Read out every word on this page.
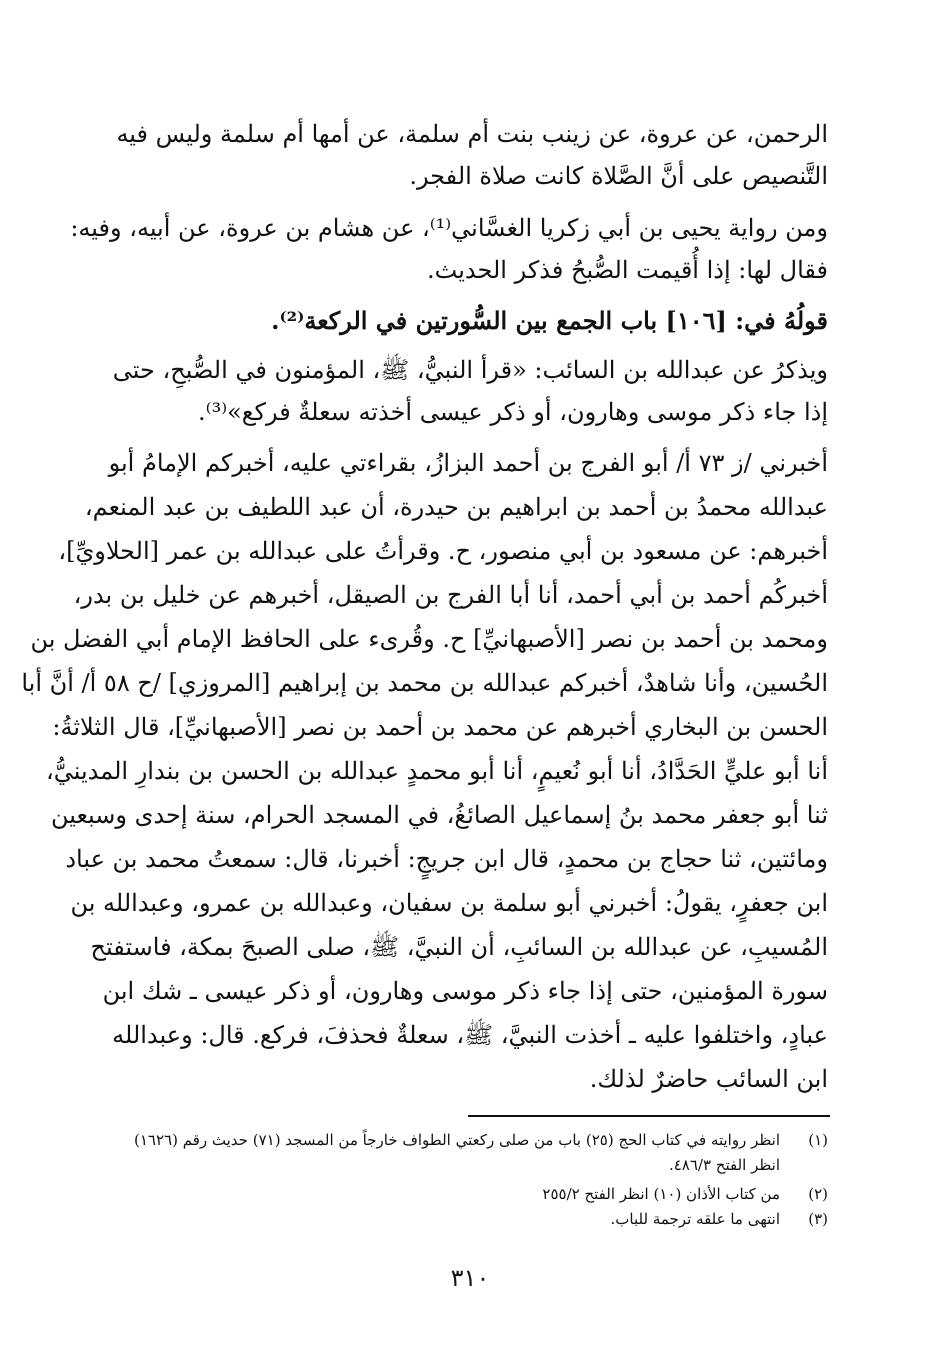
الرحمن، عن عروة، عن زينب بنت أم سلمة، عن أمها أم سلمة وليس فيه
التَّنصيص على أنَّ الصَّلاة كانت صلاة الفجر.
ومن رواية يحيى بن أبي زكريا الغسَّاني⁽¹⁾، عن هشام بن عروة، عن أبيه، وفيه:
فقال لها: إذا أُقيمت الصُّبحُ فذكر الحديث.
قولُهُ في: [١٠٦] باب الجمع بين السُّورتين في الركعة⁽²⁾.
ويذكرُ عن عبدالله بن السائب: «قرأ النبيُّ، ﷺ، المؤمنون في الصُّبحِ، حتى
إذا جاء ذكر موسى وهارون، أو ذكر عيسى أخذته سعلةٌ فركع»⁽³⁾.
أخبرني /ز ٧٣ أ/ أبو الفرج بن أحمد البزازُ، بقراءتي عليه، أخبركم الإمامُ أبو
عبدالله محمدُ بن أحمد بن ابراهيم بن حيدرة، أن عبد اللطيف بن عبد المنعم،
أخبرهم: عن مسعود بن أبي منصور، ح. وقرأتُ على عبدالله بن عمر [الحلاويِّ]،
أخبركُم أحمد بن أبي أحمد، أنا أبا الفرج بن الصيقل، أخبرهم عن خليل بن بدر،
ومحمد بن أحمد بن نصر [الأصبهانيِّ] ح. وقُرىء على الحافظ الإمام أبي الفضل بن
الحُسين، وأنا شاهدٌ، أخبركم عبدالله بن محمد بن إبراهيم [المروزي] /ح ٥٨ أ/ أنَّ أبا
الحسن بن البخاري أخبرهم عن محمد بن أحمد بن نصر [الأصبهانيِّ]، قال الثلاثةُ:
أنا أبو عليٍّ الحَدَّادُ، أنا أبو نُعيمٍ، أنا أبو محمدٍ عبدالله بن الحسن بن بندارِ المدينيُّ،
ثنا أبو جعفر محمد بنُ إسماعيل الصائغُ، في المسجد الحرام، سنة إحدى وسبعين
ومائتين، ثنا حجاج بن محمدٍ، قال ابن جريجٍ: أخبرنا، قال: سمعتُ محمد بن عباد
ابن جعفرٍ، يقولُ: أخبرني أبو سلمة بن سفيان، وعبدالله بن عمرو، وعبدالله بن
المُسيبِ، عن عبدالله بن السائبِ، أن النبيَّ، ﷺ، صلى الصبحَ بمكة، فاستفتح
سورة المؤمنين، حتى إذا جاء ذكر موسى وهارون، أو ذكر عيسى ـ شك ابن
عبادٍ، واختلفوا عليه ـ أخذت النبيَّ، ﷺ، سعلةٌ فحذفَ، فركع. قال: وعبدالله
ابن السائب حاضرٌ لذلك.
(١)انظر روايته في كتاب الحج (٢٥) باب من صلى ركعتي الطواف خارجاً من المسجد (٧١) حديث رقم (١٦٢٦)
انظر الفتح ٤٨٦/٣.
(٢)من كتاب الأذان (١٠) انظر الفتح ٢٥٥/٢
(٣)انتهى ما علقه ترجمة للباب.
٣١٠
